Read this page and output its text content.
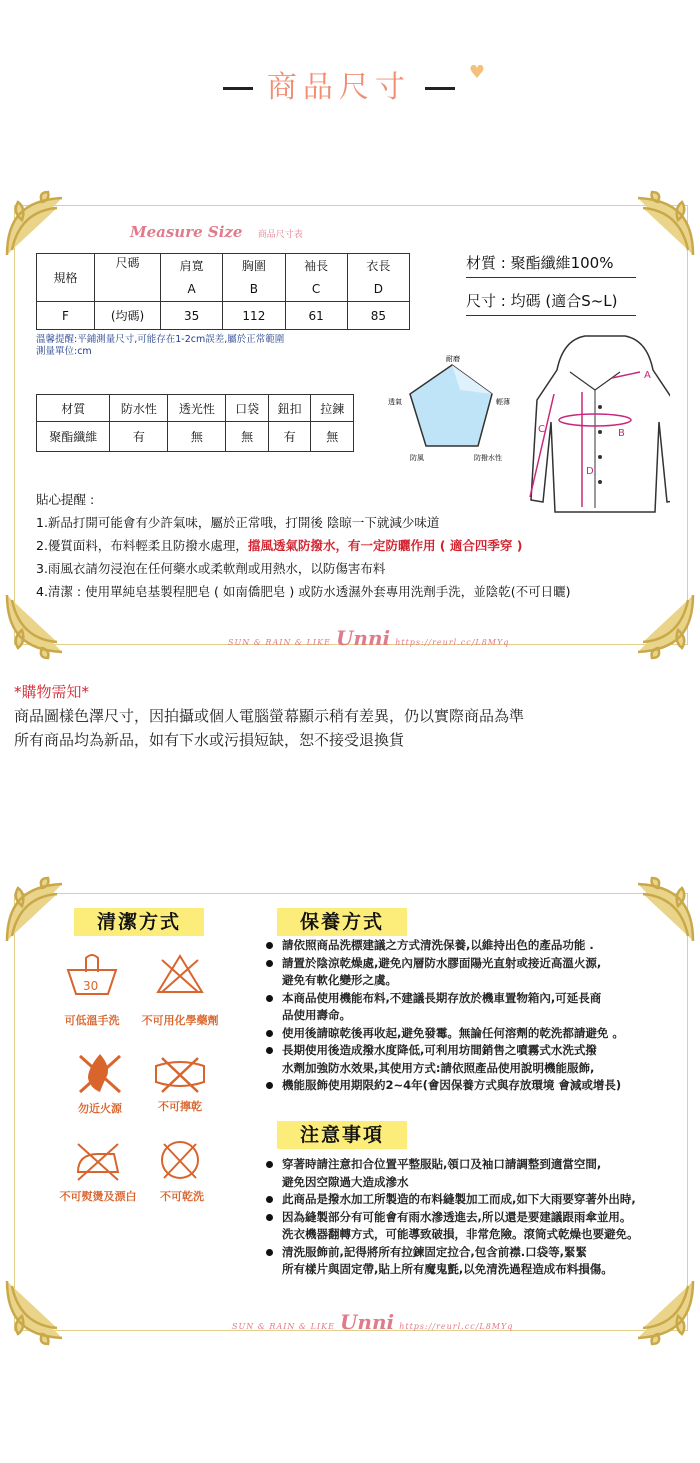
商品尺寸	♥
Measure Size 商品尺寸表
規格	尺碼	肩寬	胸圍	袖長	衣長
		A	B	C	D
F	(均碼)	35	112	61	85
溫馨提醒:平鋪測量尺寸,可能存在1-2cm誤差,屬於正常範圍
測量單位:cm
材質 : 聚酯纖維100%
尺寸 : 均碼 (適合S~L)
材質	防水性	透光性	口袋	鈕扣	拉鍊
聚酯纖維	有	無	無	有	無
耐磨
輕薄
防撥水性
防風
透氣
A
B
C
D
貼心提醒 :
1.新品打開可能會有少許氣味，屬於正常哦，打開後 陰晾一下就減少味道
2.優質面料，布料輕柔且防撥水處理，擋風透氣防撥水，有一定防曬作用 ( 適合四季穿 )
3.雨風衣請勿浸泡在任何藥水或柔軟劑或用熱水，以防傷害布料
4.清潔 : 使用單純皂基製程肥皂 ( 如南僑肥皂 ) 或防水透濕外套專用洗劑手洗，並陰乾(不可日曬)
SUN & RAIN & LIKE Unni https://reurl.cc/L8MYq
*購物需知*
商品圖樣色澤尺寸，因拍攝或個人電腦螢幕顯示稍有差異，仍以實際商品為準
所有商品均為新品，如有下水或污損短缺，恕不接受退換貨
清潔方式	保養方式
注意事項
30
可低溫手洗	不可用化學藥劑
勿近火源	不可擰乾
不可熨燙及漂白	不可乾洗
請依照商品洗標建議之方式清洗保養,以維持出色的產品功能 .
請置於陰涼乾燥處,避免內層防水膠面陽光直射或接近高溫火源,
避免有軟化變形之虞。
本商品使用機能布料,不建議長期存放於機車置物箱內,可延長商
品使用壽命。
使用後請晾乾後再收起,避免發霉。無論任何溶劑的乾洗都請避免 。
長期使用後造成撥水度降低,可利用坊間銷售之噴霧式水洗式撥
水劑加強防水效果,其使用方式:請依照產品使用說明機能服飾,
機能服飾使用期限約2~4年(會因保養方式與存放環境 會減或增長)
穿著時請注意扣合位置平整服貼,領口及袖口請調整到適當空間,
避免因空隙過大造成滲水
此商品是撥水加工所製造的布料縫製加工而成,如下大雨要穿著外出時,
因為縫製部分有可能會有雨水滲透進去,所以還是要建議跟雨傘並用。
洗衣機器翻轉方式，可能導致破損，非常危險。滾筒式乾燥也要避免。
清洗服飾前,記得將所有拉鍊固定拉合,包含前襟.口袋等,緊緊
所有樣片與固定帶,貼上所有魔鬼氈,以免清洗過程造成布料損傷。
SUN & RAIN & LIKE Unni https://reurl.cc/L8MYq
